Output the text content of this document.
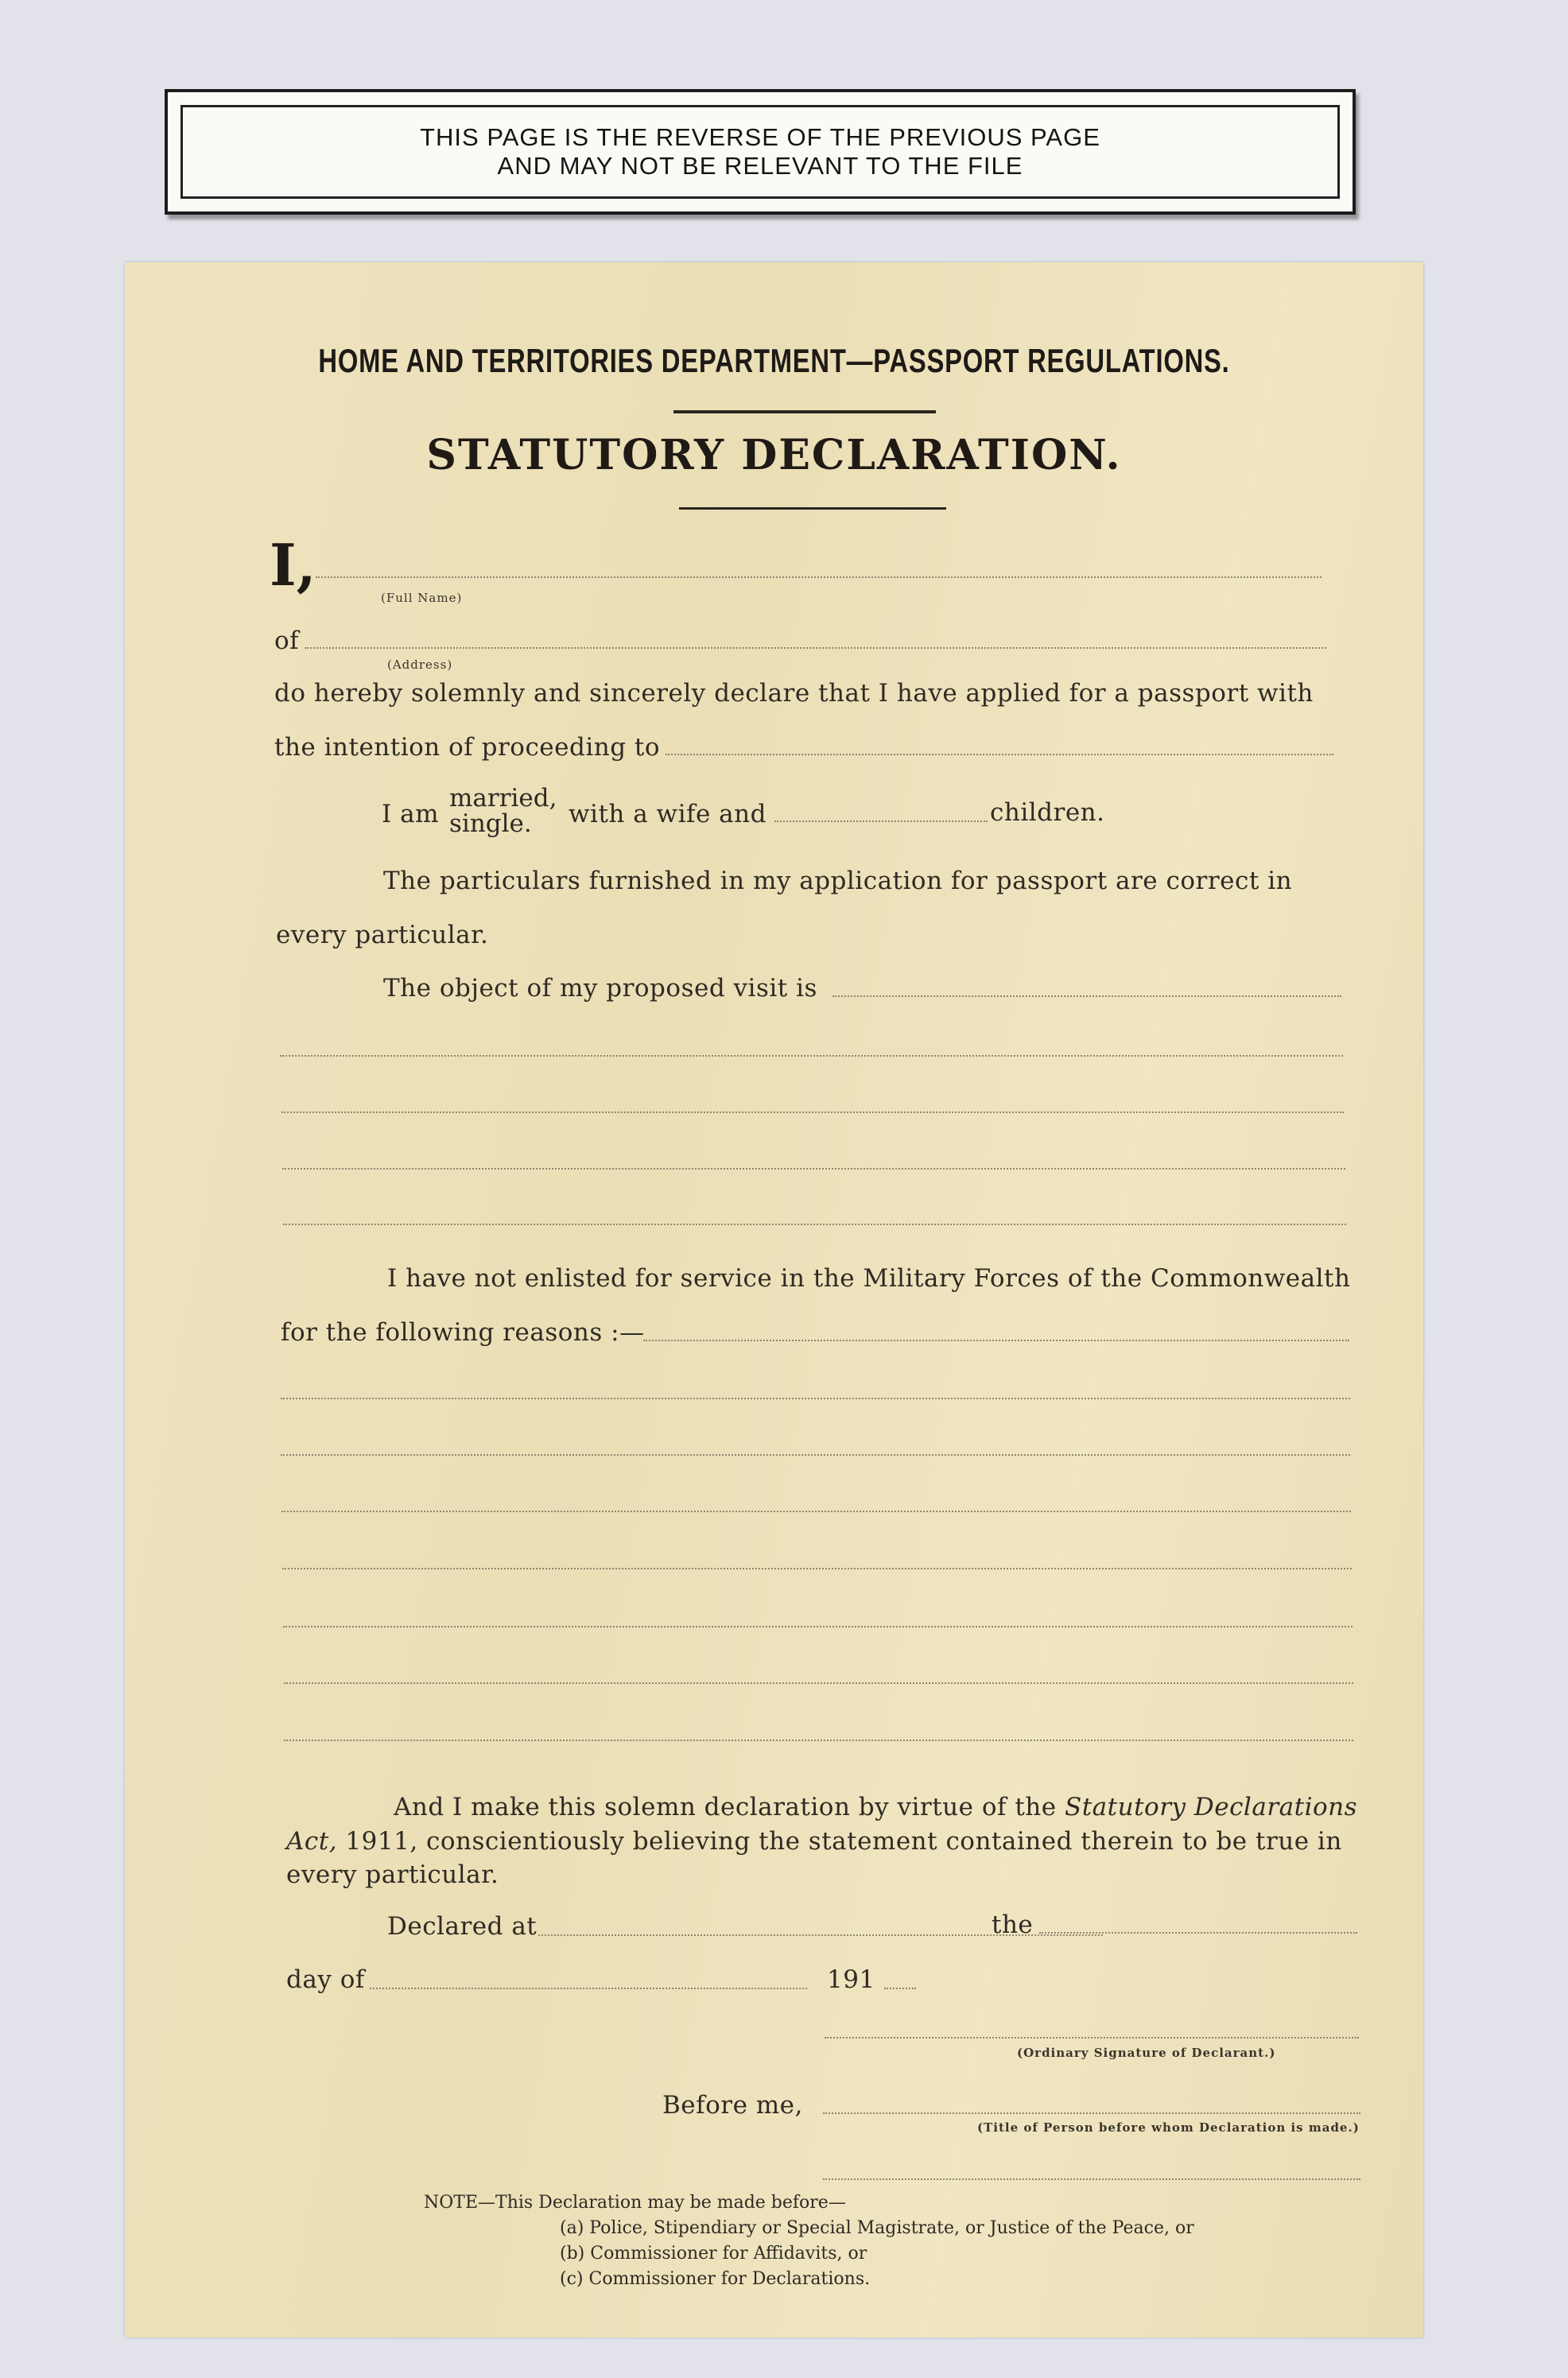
THIS PAGE IS THE REVERSE OF THE PREVIOUS PAGE
AND MAY NOT BE RELEVANT TO THE FILE
HOME AND TERRITORIES DEPARTMENT—PASSPORT REGULATIONS.
STATUTORY DECLARATION.
I,	(Full Name)
of
(Address)
do hereby solemnly and sincerely declare that I have applied for a passport with
the intention of proceeding to
I am
married,
single.	with a wife and	children.
The particulars furnished in my application for passport are correct in
every particular.
The object of my proposed visit is
I have not enlisted for service in the Military Forces of the Commonwealth
for the following reasons :—
And I make this solemn declaration by virtue of the Statutory Declarations
Act, 1911, conscientiously believing the statement contained therein to be true in
every particular.
Declared at	the
day of	191
(Ordinary Signature of Declarant.)
Before me,
(Title of Person before whom Declaration is made.)
NOTE—This Declaration may be made before—
(a) Police, Stipendiary or Special Magistrate, or Justice of the Peace, or
(b) Commissioner for Affidavits, or
(c) Commissioner for Declarations.
